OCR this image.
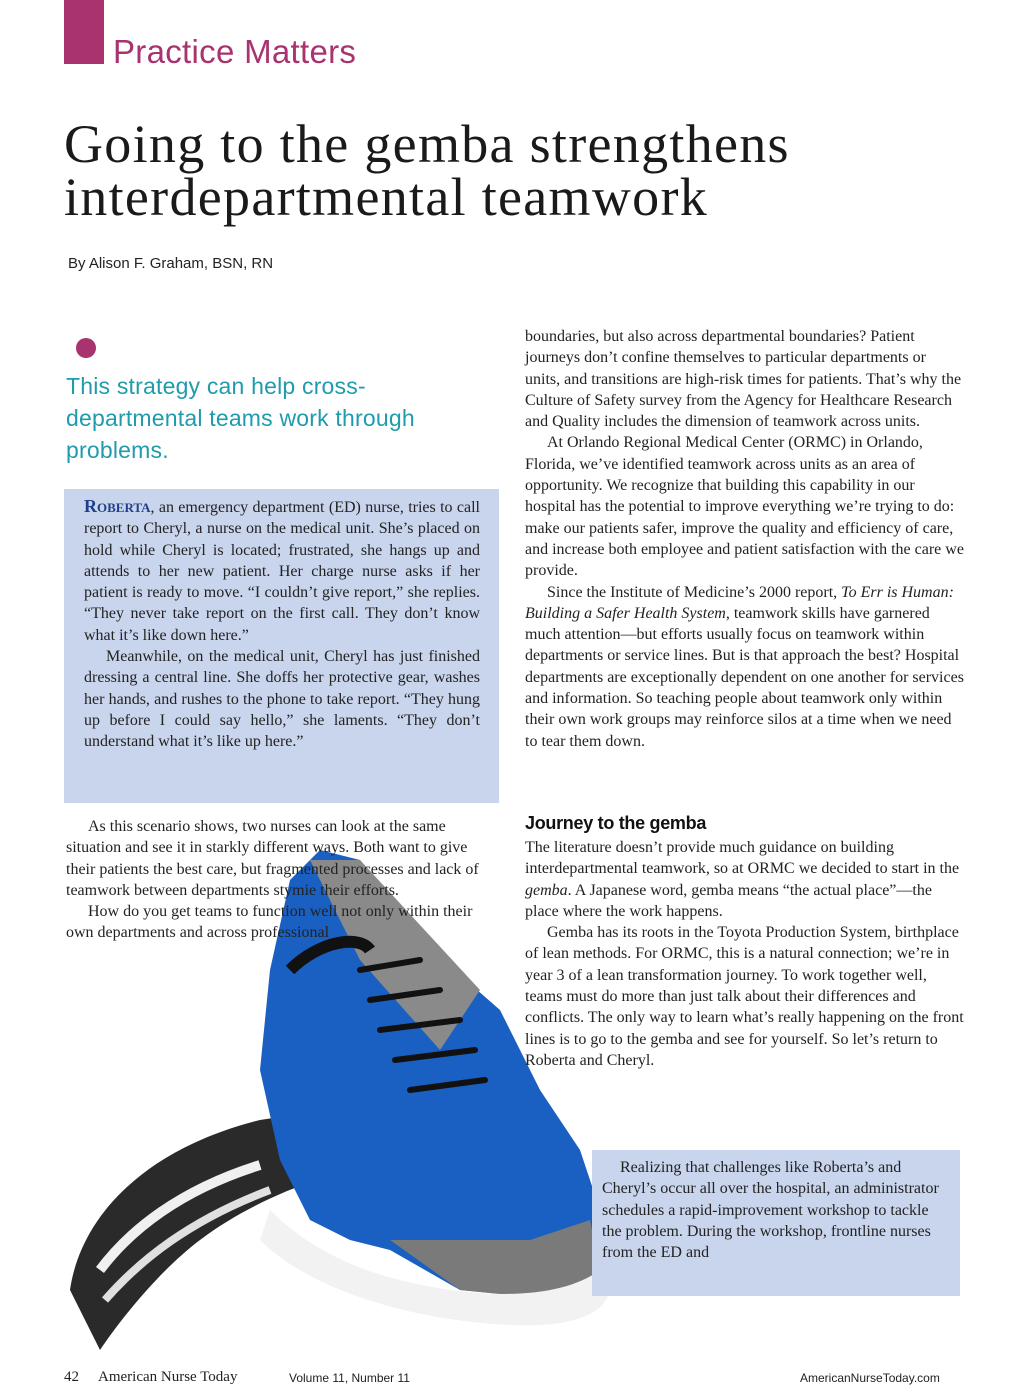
Practice Matters
Going to the gemba strengthens
interdepartmental teamwork
By Alison F. Graham, BSN, RN

This strategy can help cross-departmental teams work through problems.

Roberta, an emergency department (ED) nurse, tries to call report to Cheryl, a nurse on the medical unit. She’s placed on hold while Cheryl is located; frustrated, she hangs up and attends to her new patient. Her charge nurse asks if her patient is ready to move. “I couldn’t give report,” she replies. “They never take report on the first call. They don’t know what it’s like down here.”

Meanwhile, on the medical unit, Cheryl has just finished dressing a central line. She doffs her protective gear, washes her hands, and rushes to the phone to take report. “They hung up before I could say hello,” she laments. “They don’t understand what it’s like up here.”

As this scenario shows, two nurses can look at the same situation and see it in starkly different ways. Both want to give their patients the best care, but fragmented processes and lack of teamwork between departments stymie their efforts.

How do you get teams to function well not only within their own departments and across professional

boundaries, but also across departmental boundaries? Patient journeys don’t confine themselves to particular departments or units, and transitions are high-risk times for patients. That’s why the Culture of Safety survey from the Agency for Healthcare Research and Quality includes the dimension of teamwork across units.

At Orlando Regional Medical Center (ORMC) in Orlando, Florida, we’ve identified teamwork across units as an area of opportunity. We recognize that building this capability in our hospital has the potential to improve everything we’re trying to do: make our patients safer, improve the quality and efficiency of care, and increase both employee and patient satisfaction with the care we provide.

Since the Institute of Medicine’s 2000 report, To Err is Human: Building a Safer Health System, teamwork skills have garnered much attention—but efforts usually focus on teamwork within departments or service lines. But is that approach the best? Hospital departments are exceptionally dependent on one another for services and information. So teaching people about teamwork only within their own work groups may reinforce silos at a time when we need to tear them down.

Journey to the gemba

The literature doesn’t provide much guidance on building interdepartmental teamwork, so at ORMC we decided to start in the gemba. A Japanese word, gemba means “the actual place”—the place where the work happens.

Gemba has its roots in the Toyota Production System, birthplace of lean methods. For ORMC, this is a natural connection; we’re in year 3 of a lean transformation journey. To work together well, teams must do more than just talk about their differences and conflicts. The only way to learn what’s really happening on the front lines is to go to the gemba and see for yourself. So let’s return to Roberta and Cheryl.

Realizing that challenges like Roberta’s and Cheryl’s occur all over the hospital, an administrator schedules a rapid-improvement workshop to tackle the problem. During the workshop, frontline nurses from the ED and

42 American Nurse Today	Volume 11, Number 11	AmericanNurseToday.com
